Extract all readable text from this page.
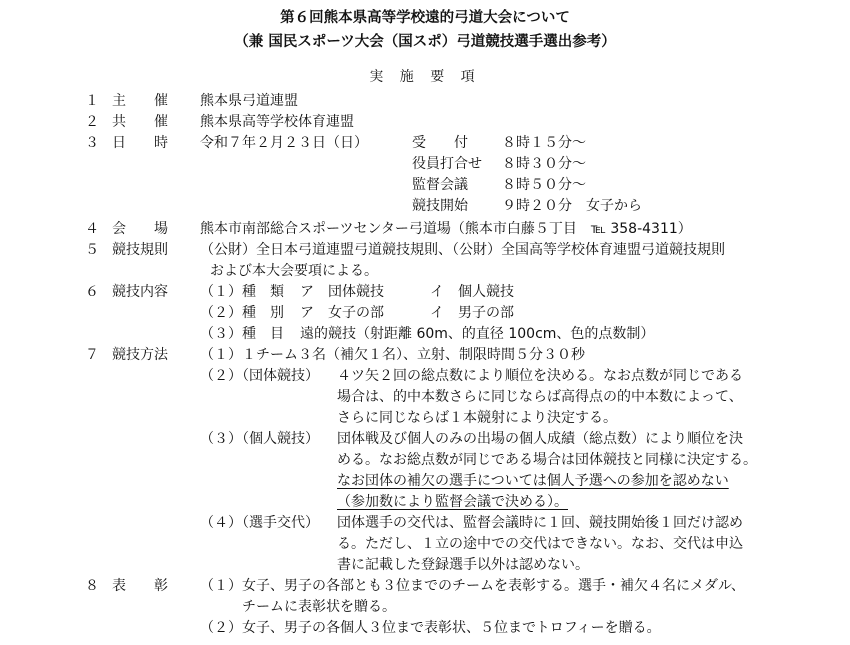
第６回熊本県高等学校遠的弓道大会について
（兼 国民スポーツ大会（国スポ）弓道競技選手選出参考）
実 施 要 項
１ 主　　催 熊本県弓道連盟
２ 共　　催 熊本県高等学校体育連盟
３ 日　　時 令和７年２月２３日（日）	受　　付 ８時１５分～
役員打合せ ８時３０分～
監督会議 ８時５０分～
競技開始 ９時２０分　女子から
４ 会　　場 熊本市南部総合スポーツセンター弓道場（熊本市白藤５丁目　℡ 358-4311）
５ 競技規則 （公財）全日本弓道連盟弓道競技規則、（公財）全国高等学校体育連盟弓道競技規則
および本大会要項による。
６ 競技内容 （１）種　類 ア　団体競技	イ　個人競技
（２）種　別 ア　女子の部	イ　男子の部
（３）種　目 遠的競技（射距離 60m、的直径 100cm、色的点数制）
７ 競技方法 （１）１チーム３名（補欠１名）、立射、制限時間５分３０秒
（２）（団体競技） ４ツ矢２回の総点数により順位を決める。なお点数が同じである
場合は、的中本数さらに同じならば高得点の的中本数によって、
さらに同じならば１本競射により決定する。
（３）（個人競技） 団体戦及び個人のみの出場の個人成績（総点数）により順位を決
める。なお総点数が同じである場合は団体競技と同様に決定する。
なお団体の補欠の選手については個人予選への参加を認めない
（参加数により監督会議で決める）。
（４）（選手交代） 団体選手の交代は、監督会議時に１回、競技開始後１回だけ認め
る。ただし、１立の途中での交代はできない。なお、交代は申込
書に記載した登録選手以外は認めない。
８ 表　　彰 （１）女子、男子の各部とも３位までのチームを表彰する。選手・補欠４名にメダル、
チームに表彰状を贈る。
（２）女子、男子の各個人３位まで表彰状、５位までトロフィーを贈る。
